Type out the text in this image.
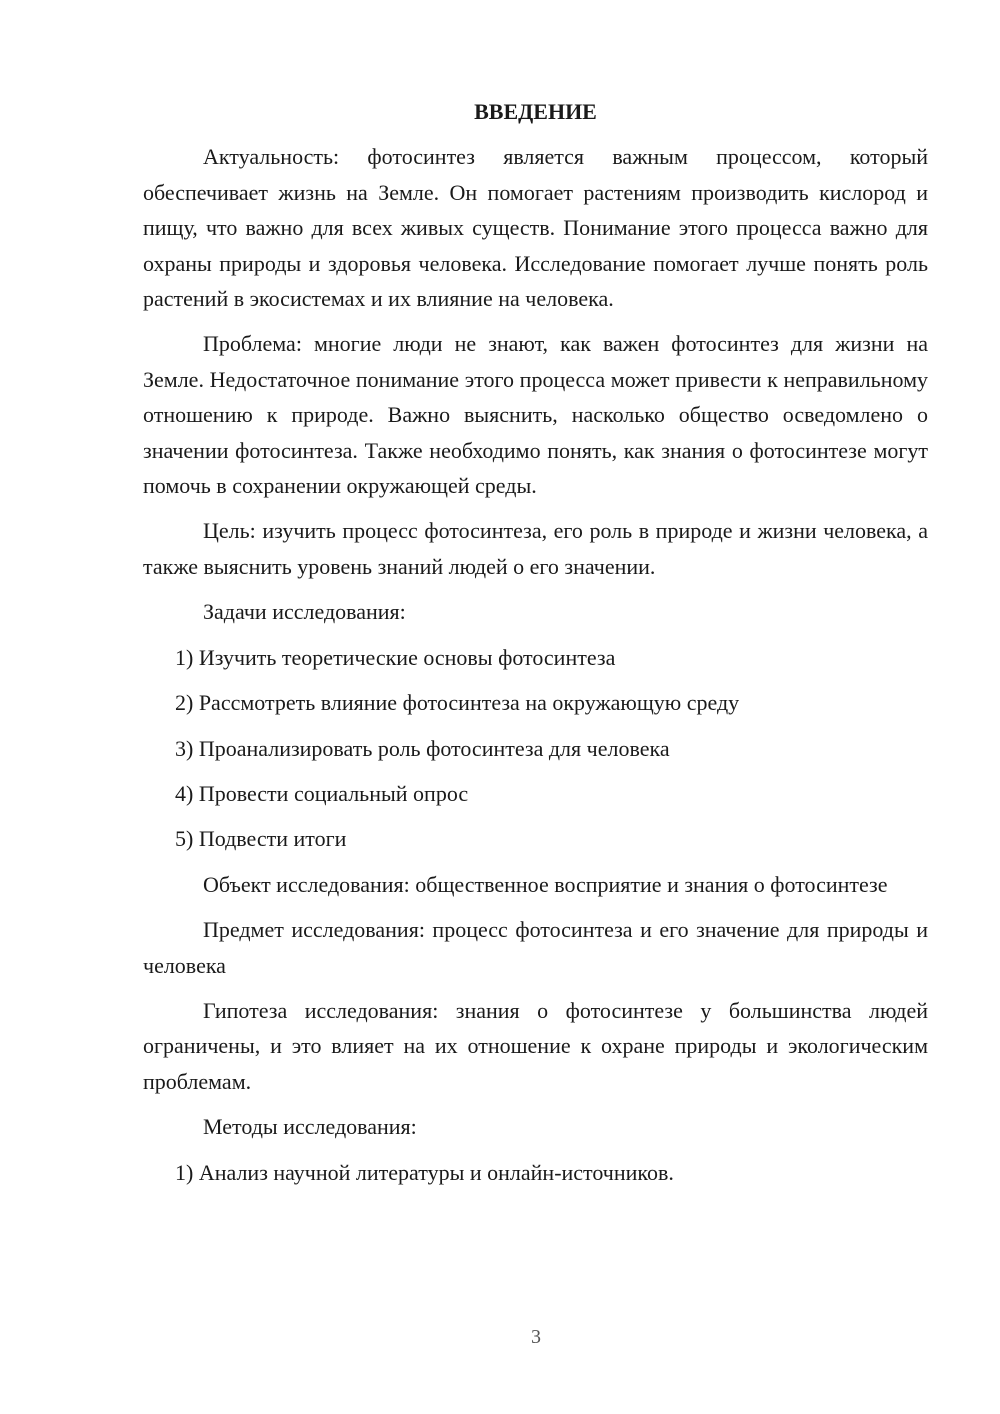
ВВЕДЕНИЕ

Актуальность: фотосинтез является важным процессом, который обеспечивает жизнь на Земле. Он помогает растениям производить кислород и пищу, что важно для всех живых существ. Понимание этого процесса важно для охраны природы и здоровья человека. Исследование помогает лучше понять роль растений в экосистемах и их влияние на человека.

Проблема: многие люди не знают, как важен фотосинтез для жизни на Земле. Недостаточное понимание этого процесса может привести к неправильному отношению к природе. Важно выяснить, насколько общество осведомлено о значении фотосинтеза. Также необходимо понять, как знания о фотосинтезе могут помочь в сохранении окружающей среды.

Цель: изучить процесс фотосинтеза, его роль в природе и жизни человека, а также выяснить уровень знаний людей о его значении.

Задачи исследования:

1) Изучить теоретические основы фотосинтеза

2) Рассмотреть влияние фотосинтеза на окружающую среду

3) Проанализировать роль фотосинтеза для человека

4) Провести социальный опрос

5) Подвести итоги

Объект исследования: общественное восприятие и знания о фотосинтезе

Предмет исследования: процесс фотосинтеза и его значение для природы и человека

Гипотеза исследования: знания о фотосинтезе у большинства людей ограничены, и это влияет на их отношение к охране природы и экологическим проблемам.

Методы исследования:

1) Анализ научной литературы и онлайн-источников.

3
